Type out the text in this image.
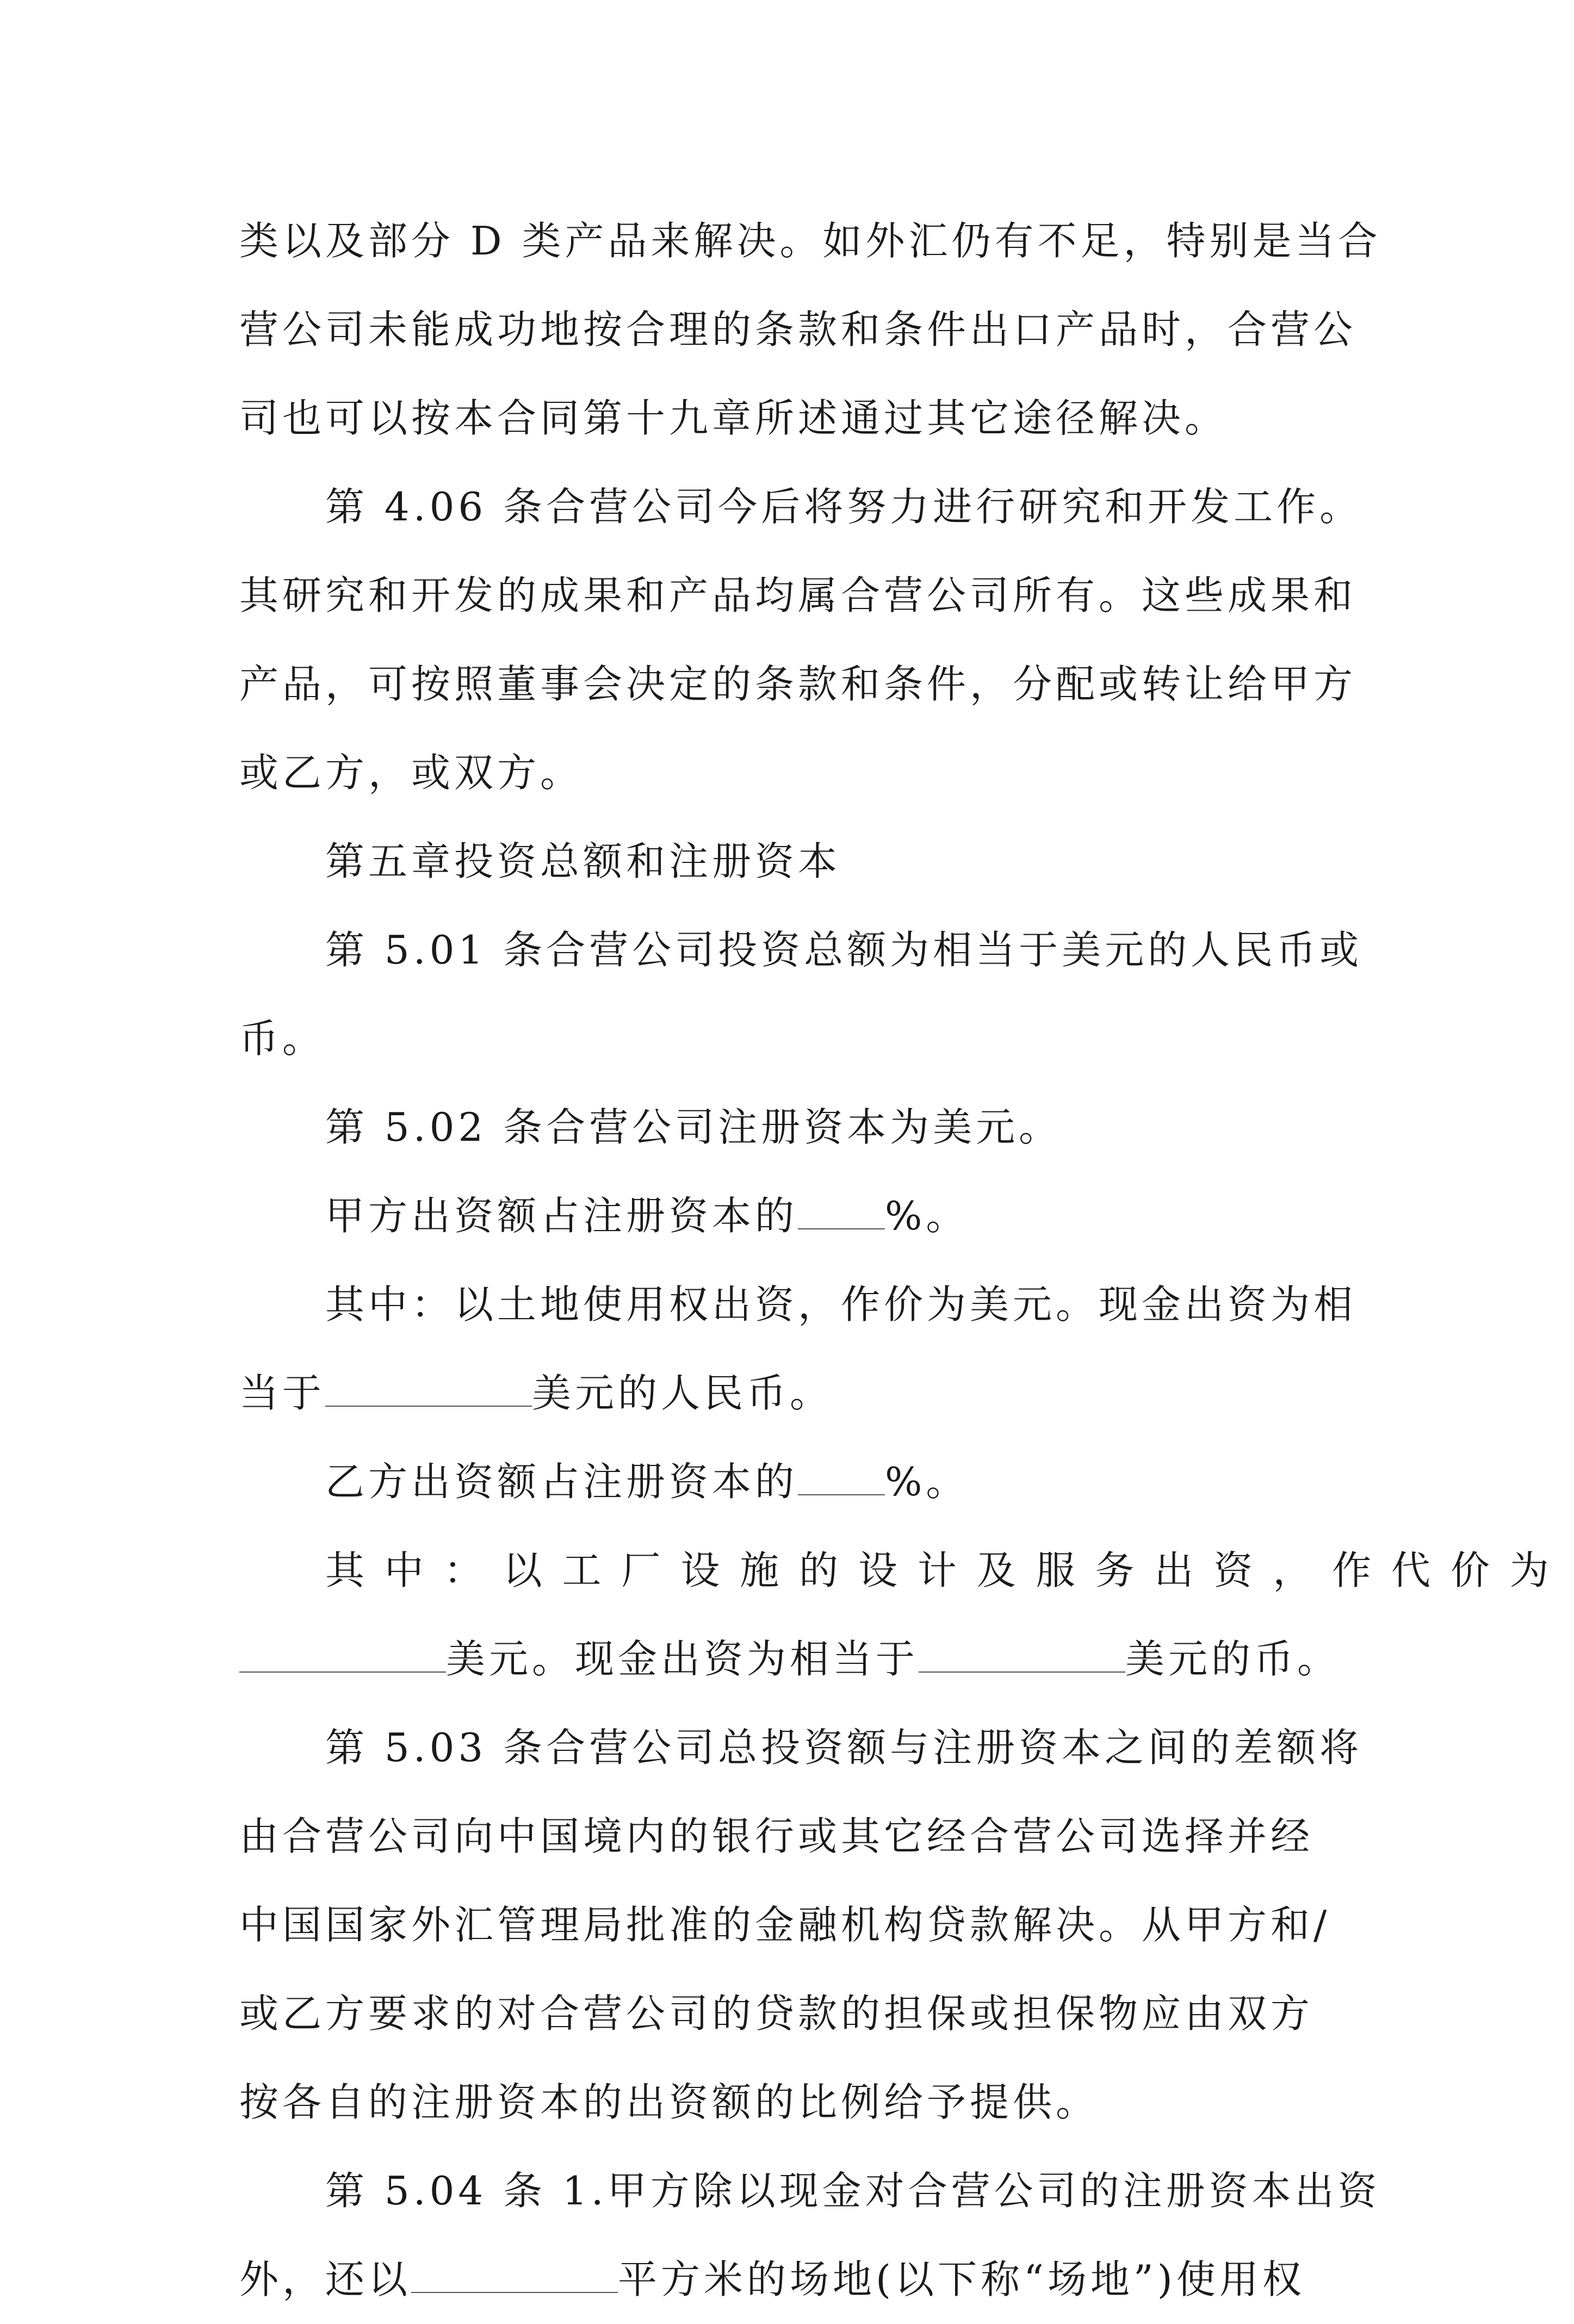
类以及部分 D 类产品来解决。如外汇仍有不足，特别是当合
营公司未能成功地按合理的条款和条件出口产品时，合营公
司也可以按本合同第十九章所述通过其它途径解决。
第 4.06 条合营公司今后将努力进行研究和开发工作。
其研究和开发的成果和产品均属合营公司所有。这些成果和
产品，可按照董事会决定的条款和条件，分配或转让给甲方
或乙方，或双方。
第五章投资总额和注册资本
第 5.01 条合营公司投资总额为相当于美元的人民币或
币。
第 5.02 条合营公司注册资本为美元。
甲方出资额占注册资本的 %。
其中：以土地使用权出资，作价为美元。现金出资为相
当于	美元的人民币。
乙方出资额占注册资本的 %。
其 中 ： 以 工 厂 设 施 的 设 计 及 服 务 出 资 ， 作 代 价 为
美元。现金出资为相当于	美元的币。
第 5.03 条合营公司总投资额与注册资本之间的差额将
由合营公司向中国境内的银行或其它经合营公司选择并经
中国国家外汇管理局批准的金融机构贷款解决。从甲方和/
或乙方要求的对合营公司的贷款的担保或担保物应由双方
按各自的注册资本的出资额的比例给予提供。
第 5.04 条 1.甲方除以现金对合营公司的注册资本出资
外，还以	平方米的场地(以下称“场地”)使用权
